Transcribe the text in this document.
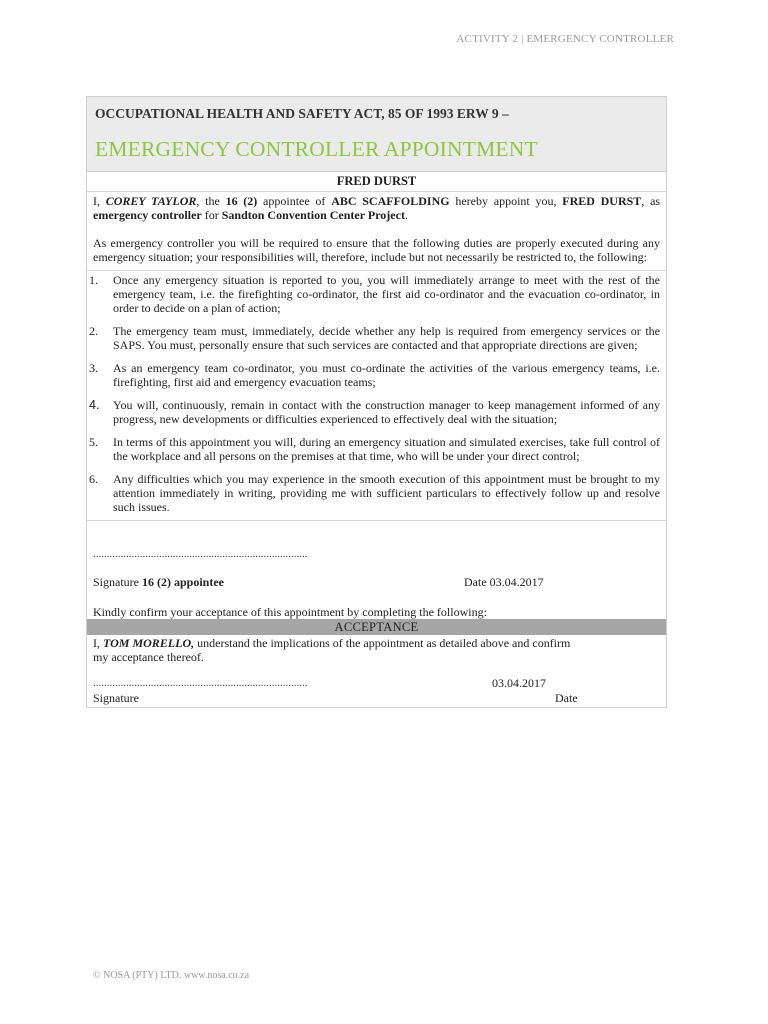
ACTIVITY 2 | EMERGENCY CONTROLLER
OCCUPATIONAL HEALTH AND SAFETY ACT, 85 OF 1993 ERW 9 –
EMERGENCY CONTROLLER APPOINTMENT
FRED DURST

I, COREY TAYLOR, the 16 (2) appointee of ABC SCAFFOLDING hereby appoint you, FRED DURST, as emergency controller for Sandton Convention Center Project.

As emergency controller you will be required to ensure that the following duties are properly executed during any emergency situation; your responsibilities will, therefore, include but not necessarily be restricted to, the following:

1.	Once any emergency situation is reported to you, you will immediately arrange to meet with the rest of the emergency team, i.e. the firefighting co-ordinator, the first aid co-ordinator and the evacuation co-ordinator, in order to decide on a plan of action;
2.	The emergency team must, immediately, decide whether any help is required from emergency services or the SAPS. You must, personally ensure that such services are contacted and that appropriate directions are given;
3.	As an emergency team co-ordinator, you must co-ordinate the activities of the various emergency teams, i.e. firefighting, first aid and emergency evacuation teams;
4.	You will, continuously, remain in contact with the construction manager to keep management informed of any progress, new developments or difficulties experienced to effectively deal with the situation;
5.	In terms of this appointment you will, during an emergency situation and simulated exercises, take full control of the workplace and all persons on the premises at that time, who will be under your direct control;
6.	Any difficulties which you may experience in the smooth execution of this appointment must be brought to my attention immediately in writing, providing me with sufficient particulars to effectively follow up and resolve such issues.
..............................................................................
Signature 16 (2) appointee	Date 03.04.2017
Kindly confirm your acceptance of this appointment by completing the following:
ACCEPTANCE
I, TOM MORELLO, understand the implications of the appointment as detailed above and confirm my acceptance thereof.
..............................................................................	03.04.2017
Signature	Date
© NOSA (PTY) LTD. www.nosa.co.za
